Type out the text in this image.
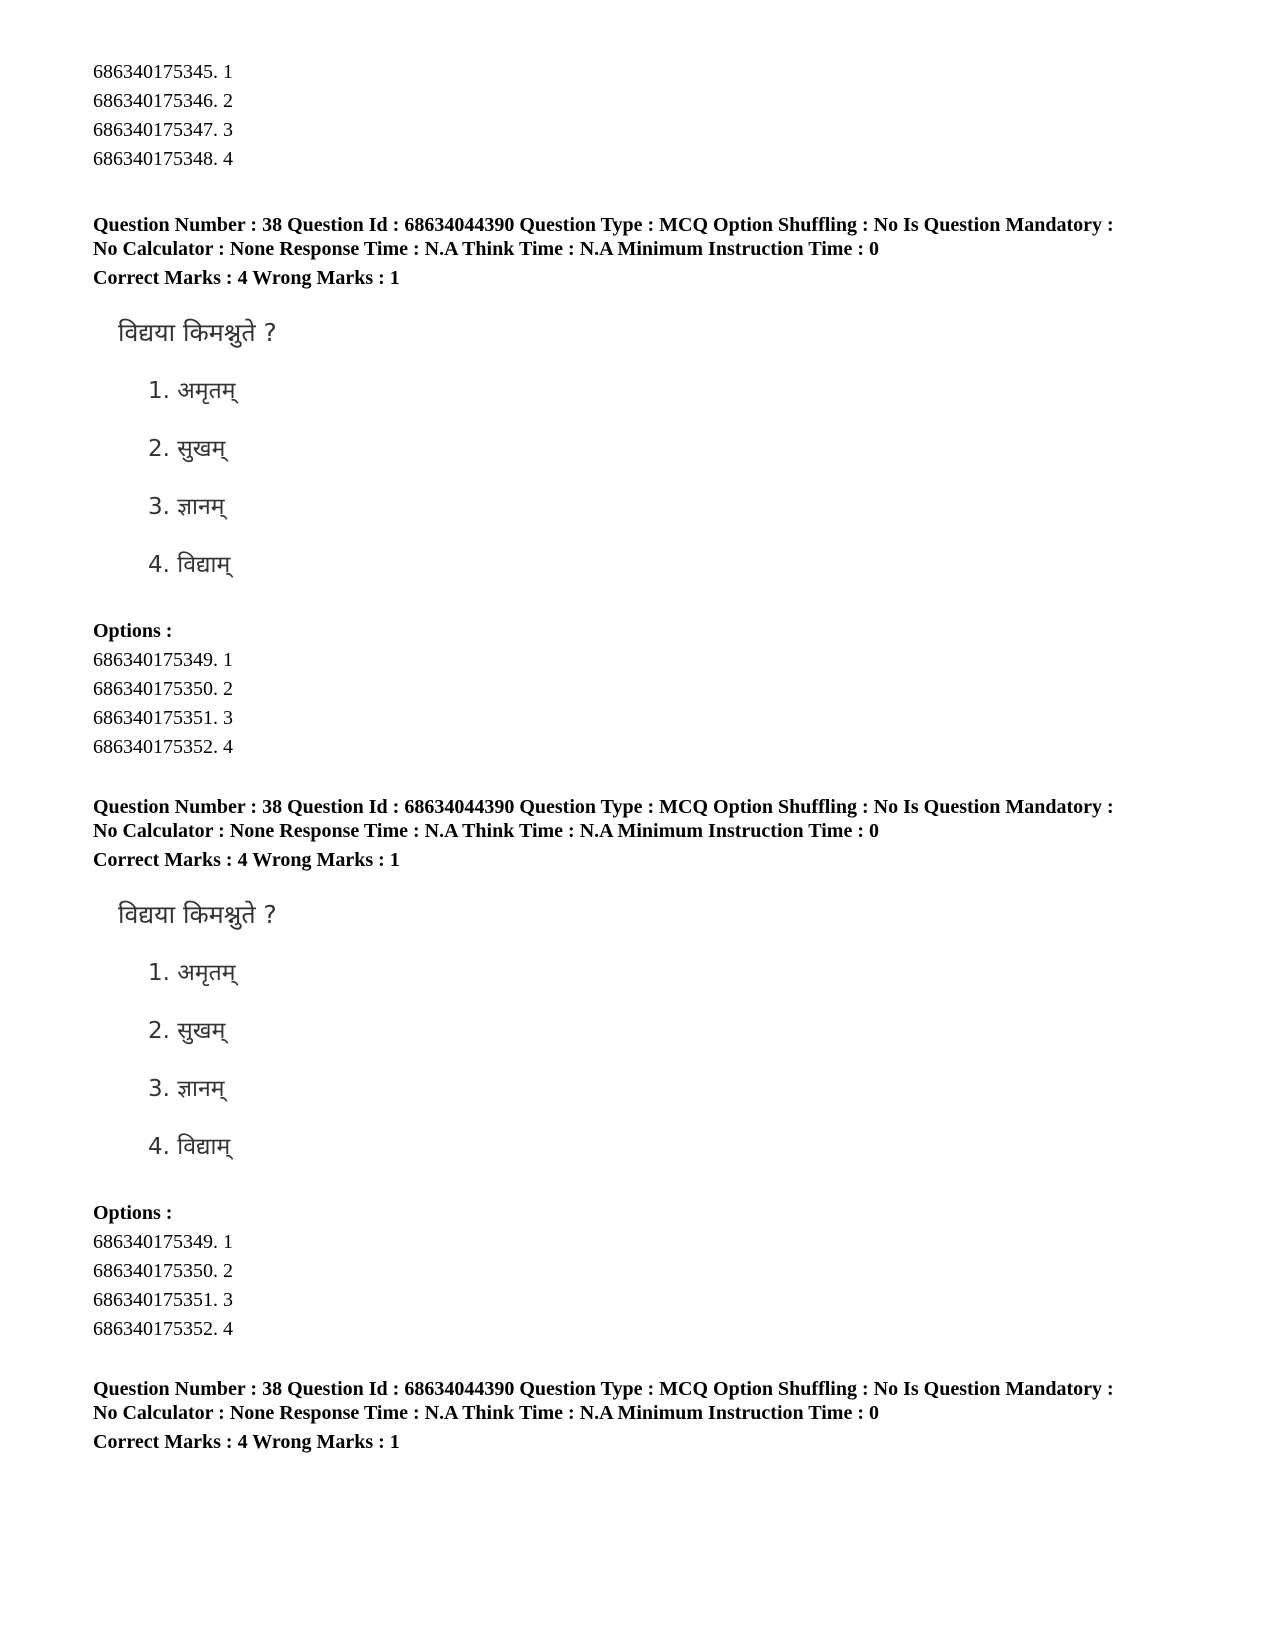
686340175345. 1
686340175346. 2
686340175347. 3
686340175348. 4
Question Number : 38 Question Id : 68634044390 Question Type : MCQ Option Shuffling : No Is Question Mandatory :
No Calculator : None Response Time : N.A Think Time : N.A Minimum Instruction Time : 0
Correct Marks : 4 Wrong Marks : 1
विद्यया किमश्नुते ?
1. अमृतम्
2. सुखम्
3. ज्ञानम्
4. विद्याम्
Options :
686340175349. 1
686340175350. 2
686340175351. 3
686340175352. 4
Question Number : 38 Question Id : 68634044390 Question Type : MCQ Option Shuffling : No Is Question Mandatory :
No Calculator : None Response Time : N.A Think Time : N.A Minimum Instruction Time : 0
Correct Marks : 4 Wrong Marks : 1
विद्यया किमश्नुते ?
1. अमृतम्
2. सुखम्
3. ज्ञानम्
4. विद्याम्
Options :
686340175349. 1
686340175350. 2
686340175351. 3
686340175352. 4
Question Number : 38 Question Id : 68634044390 Question Type : MCQ Option Shuffling : No Is Question Mandatory :
No Calculator : None Response Time : N.A Think Time : N.A Minimum Instruction Time : 0
Correct Marks : 4 Wrong Marks : 1
